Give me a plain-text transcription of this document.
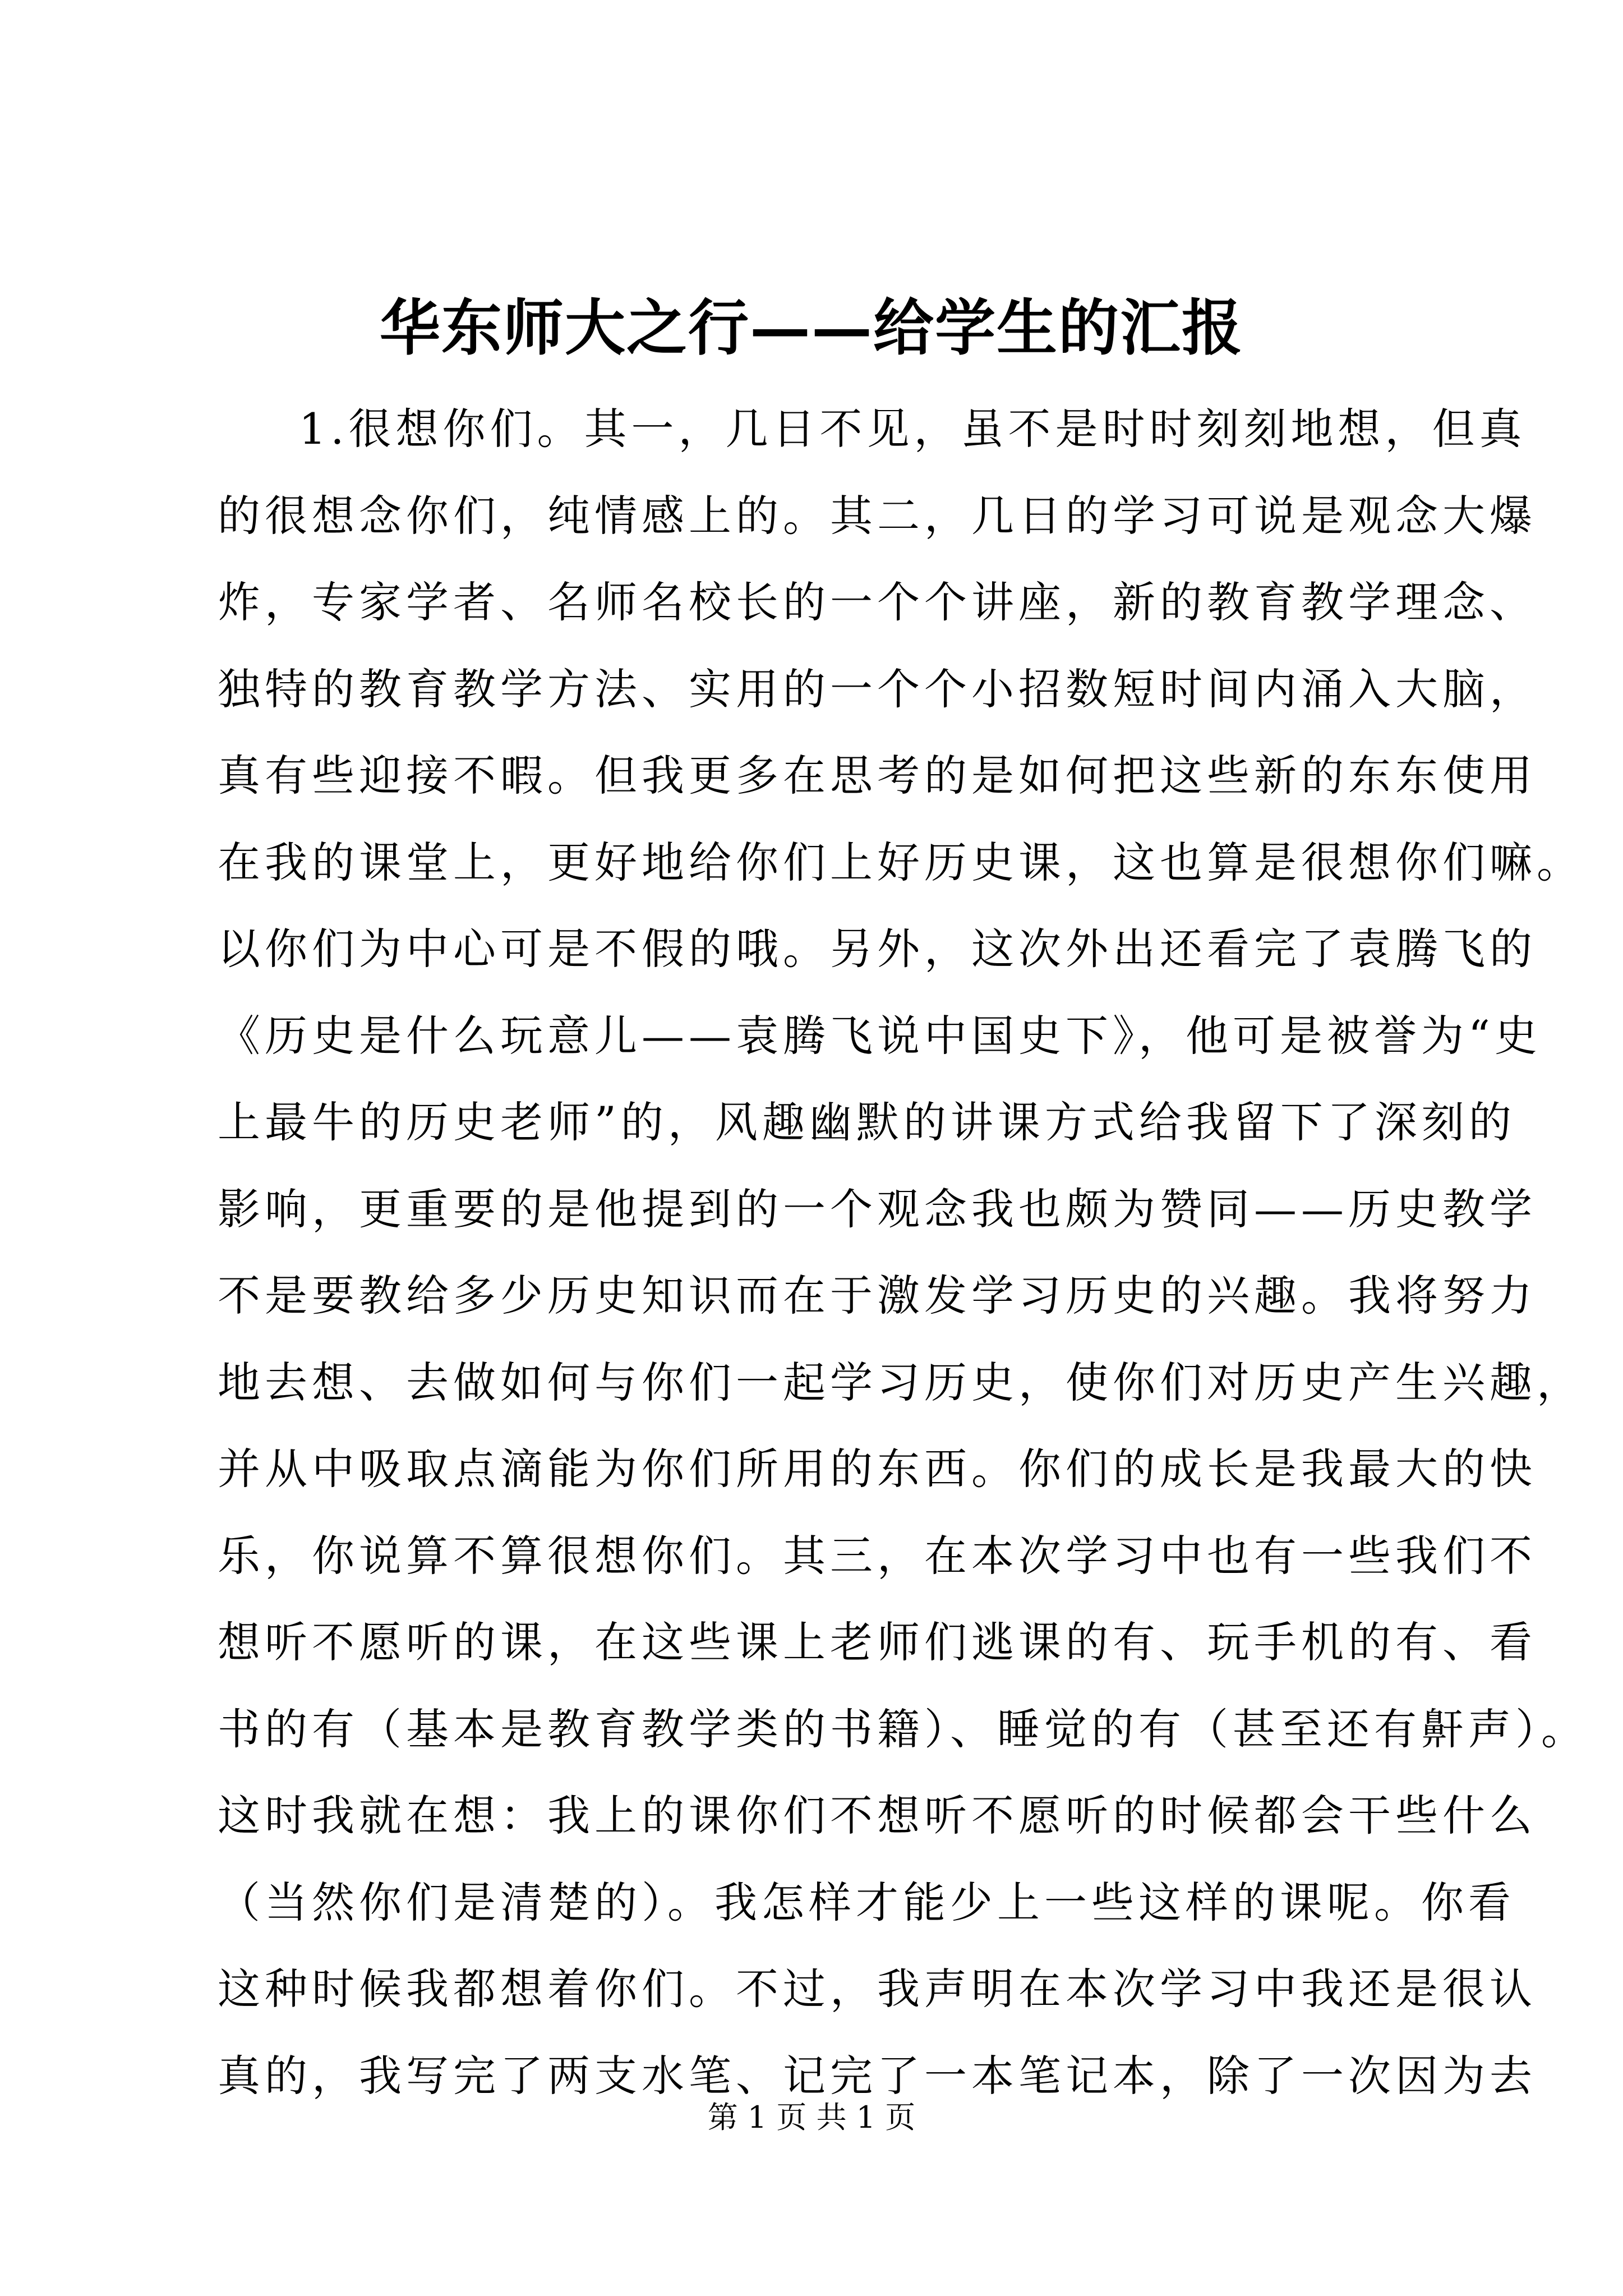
华东师大之行——给学生的汇报
1.很想你们。其一，几日不见，虽不是时时刻刻地想，但真
的很想念你们，纯情感上的。其二，几日的学习可说是观念大爆
炸，专家学者、名师名校长的一个个讲座，新的教育教学理念、
独特的教育教学方法、实用的一个个小招数短时间内涌入大脑，
真有些迎接不暇。但我更多在思考的是如何把这些新的东东使用
在我的课堂上，更好地给你们上好历史课，这也算是很想你们嘛。
以你们为中心可是不假的哦。另外，这次外出还看完了袁腾飞的
《历史是什么玩意儿——袁腾飞说中国史下》，他可是被誉为“史
上最牛的历史老师”的，风趣幽默的讲课方式给我留下了深刻的
影响，更重要的是他提到的一个观念我也颇为赞同——历史教学
不是要教给多少历史知识而在于激发学习历史的兴趣。我将努力
地去想、去做如何与你们一起学习历史，使你们对历史产生兴趣，
并从中吸取点滴能为你们所用的东西。你们的成长是我最大的快
乐，你说算不算很想你们。其三，在本次学习中也有一些我们不
想听不愿听的课，在这些课上老师们逃课的有、玩手机的有、看
书的有（基本是教育教学类的书籍）、睡觉的有（甚至还有鼾声）。
这时我就在想：我上的课你们不想听不愿听的时候都会干些什么
（当然你们是清楚的）。我怎样才能少上一些这样的课呢。你看
这种时候我都想着你们。不过，我声明在本次学习中我还是很认
真的，我写完了两支水笔、记完了一本笔记本，除了一次因为去
第 1 页 共 1 页
